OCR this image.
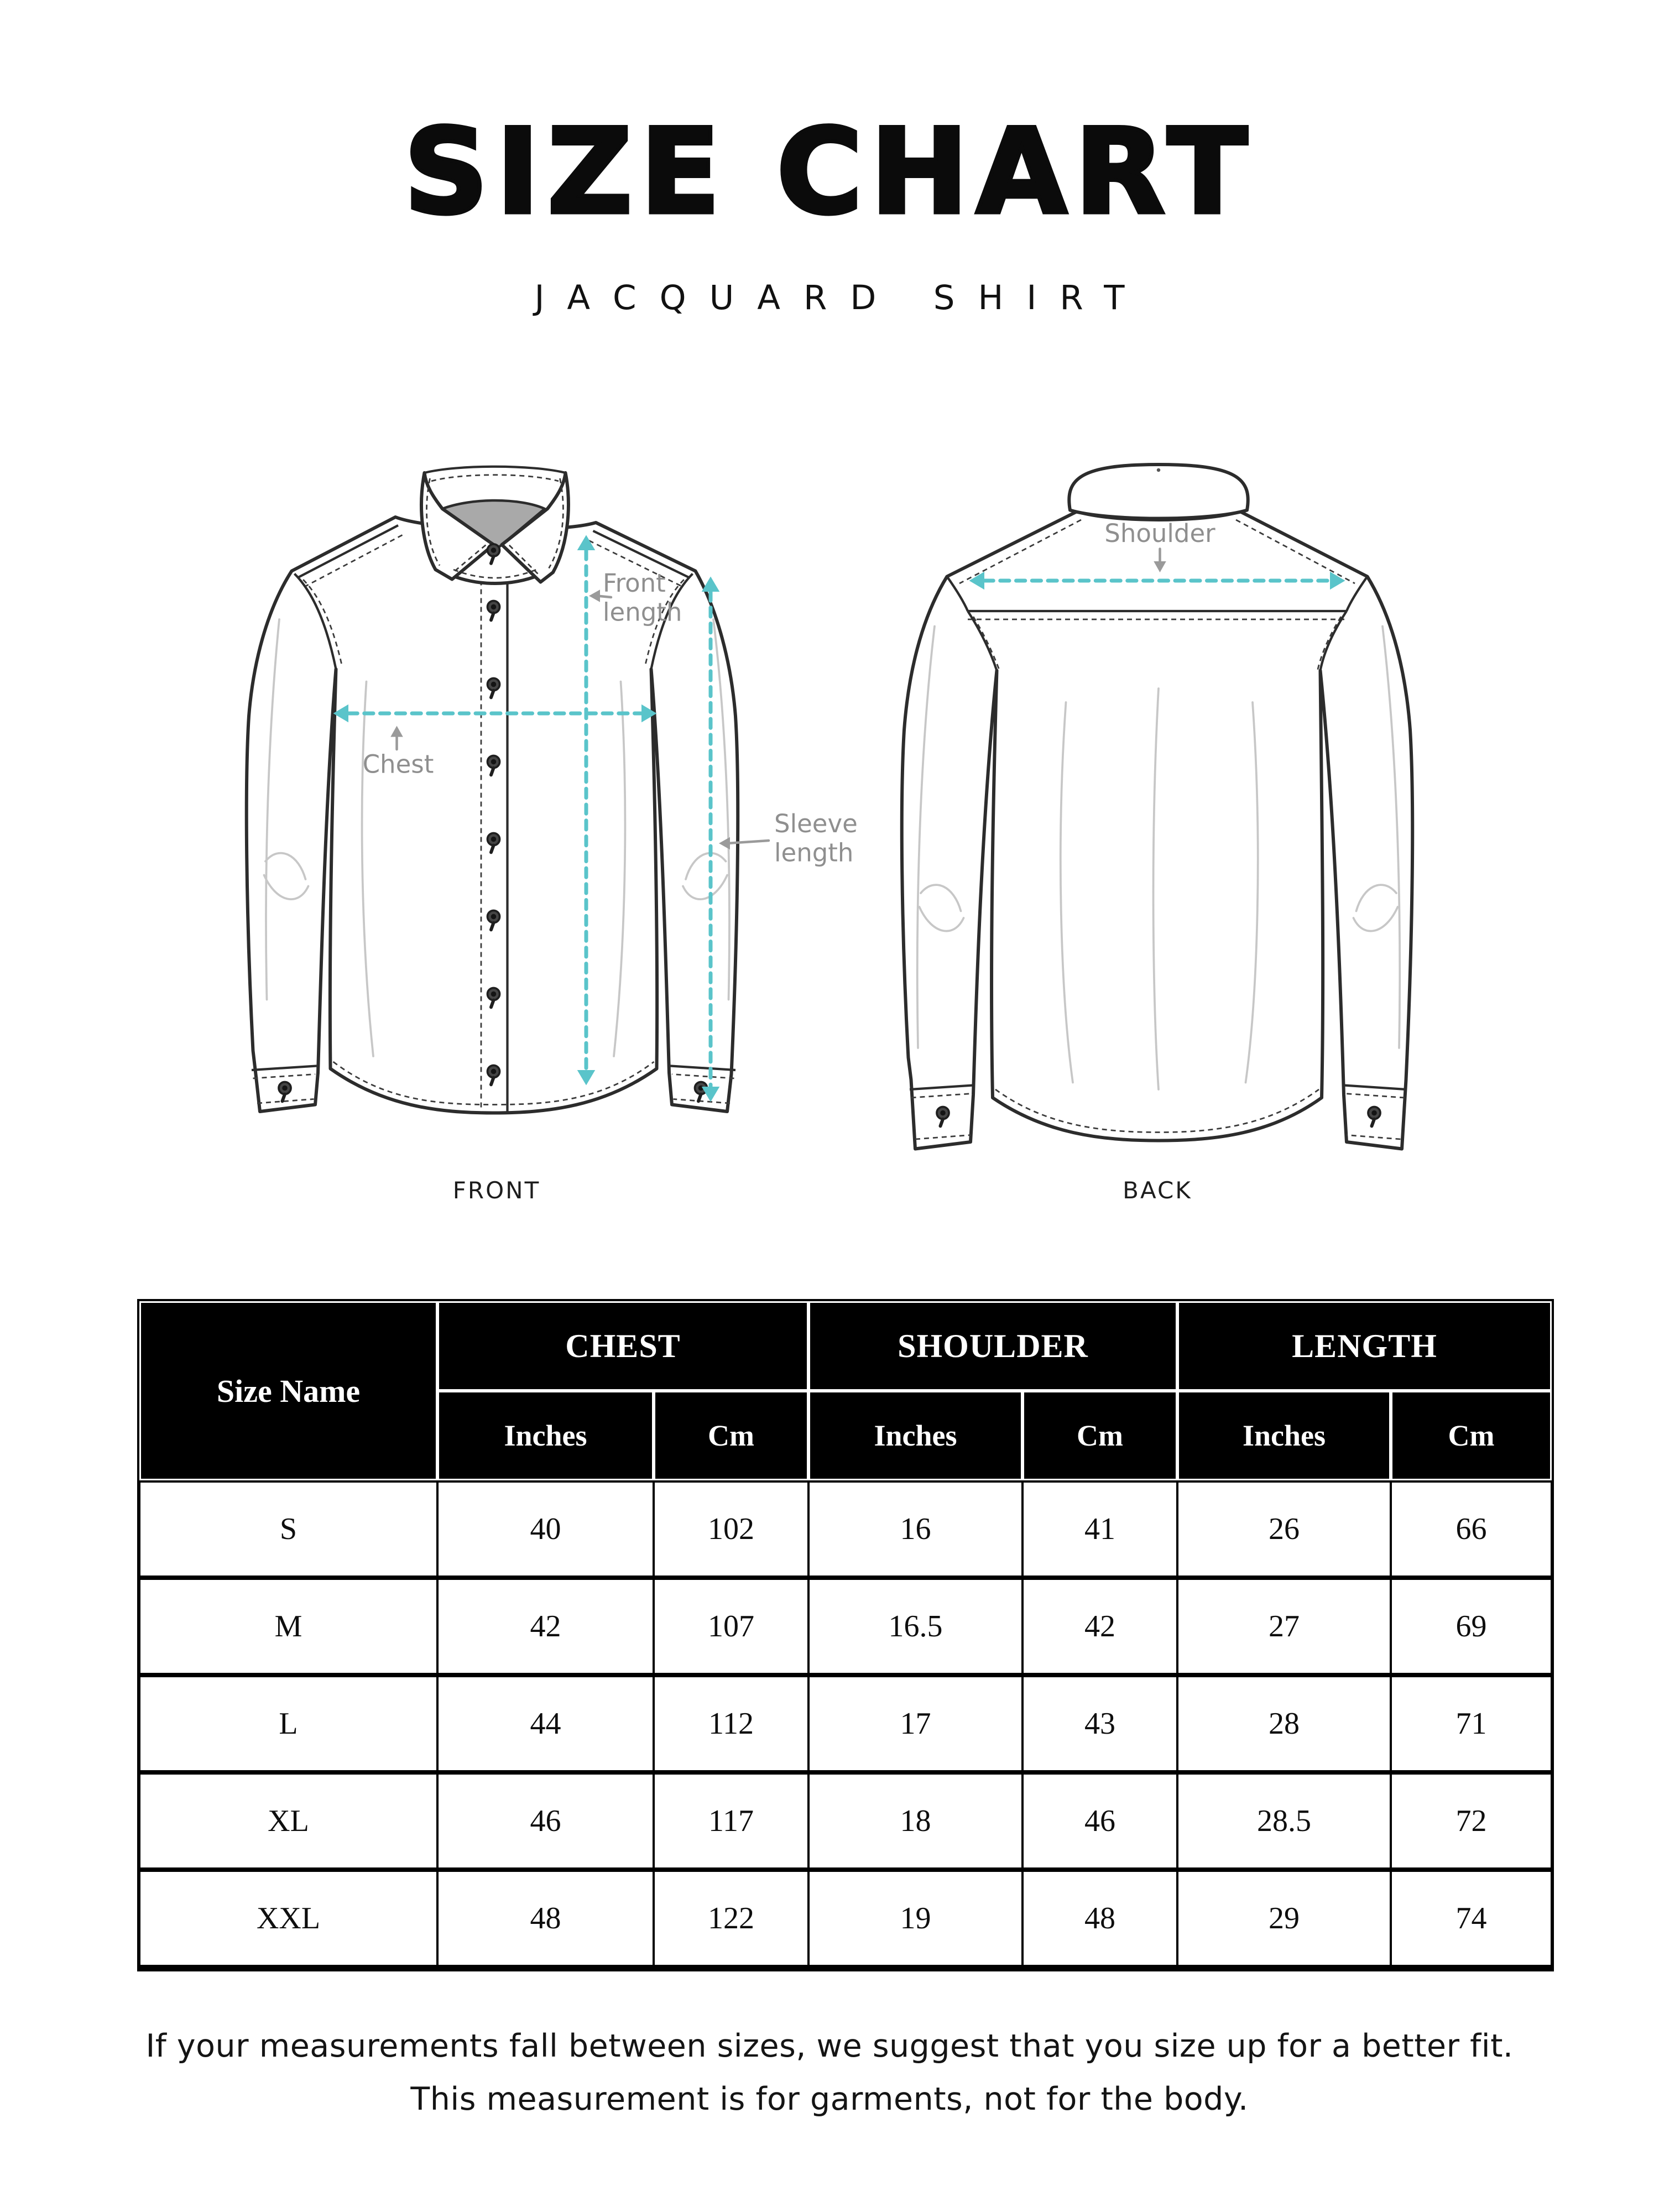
SIZE CHART
JACQUARD SHIRT
Front
length
Chest
Sleeve
length
Shoulder
FRONT	BACK
Size Name	CHEST		SHOULDER		LENGTH	
	Inches	Cm	Inches	Cm	Inches	Cm
S	40	102	16	41	26	66
M	42	107	16.5	42	27	69
L	44	112	17	43	28	71
XL	46	117	18	46	28.5	72
XXL	48	122	19	48	29	74
If your measurements fall between sizes, we suggest that you size up for a better fit.
This measurement is for garments, not for the body.
